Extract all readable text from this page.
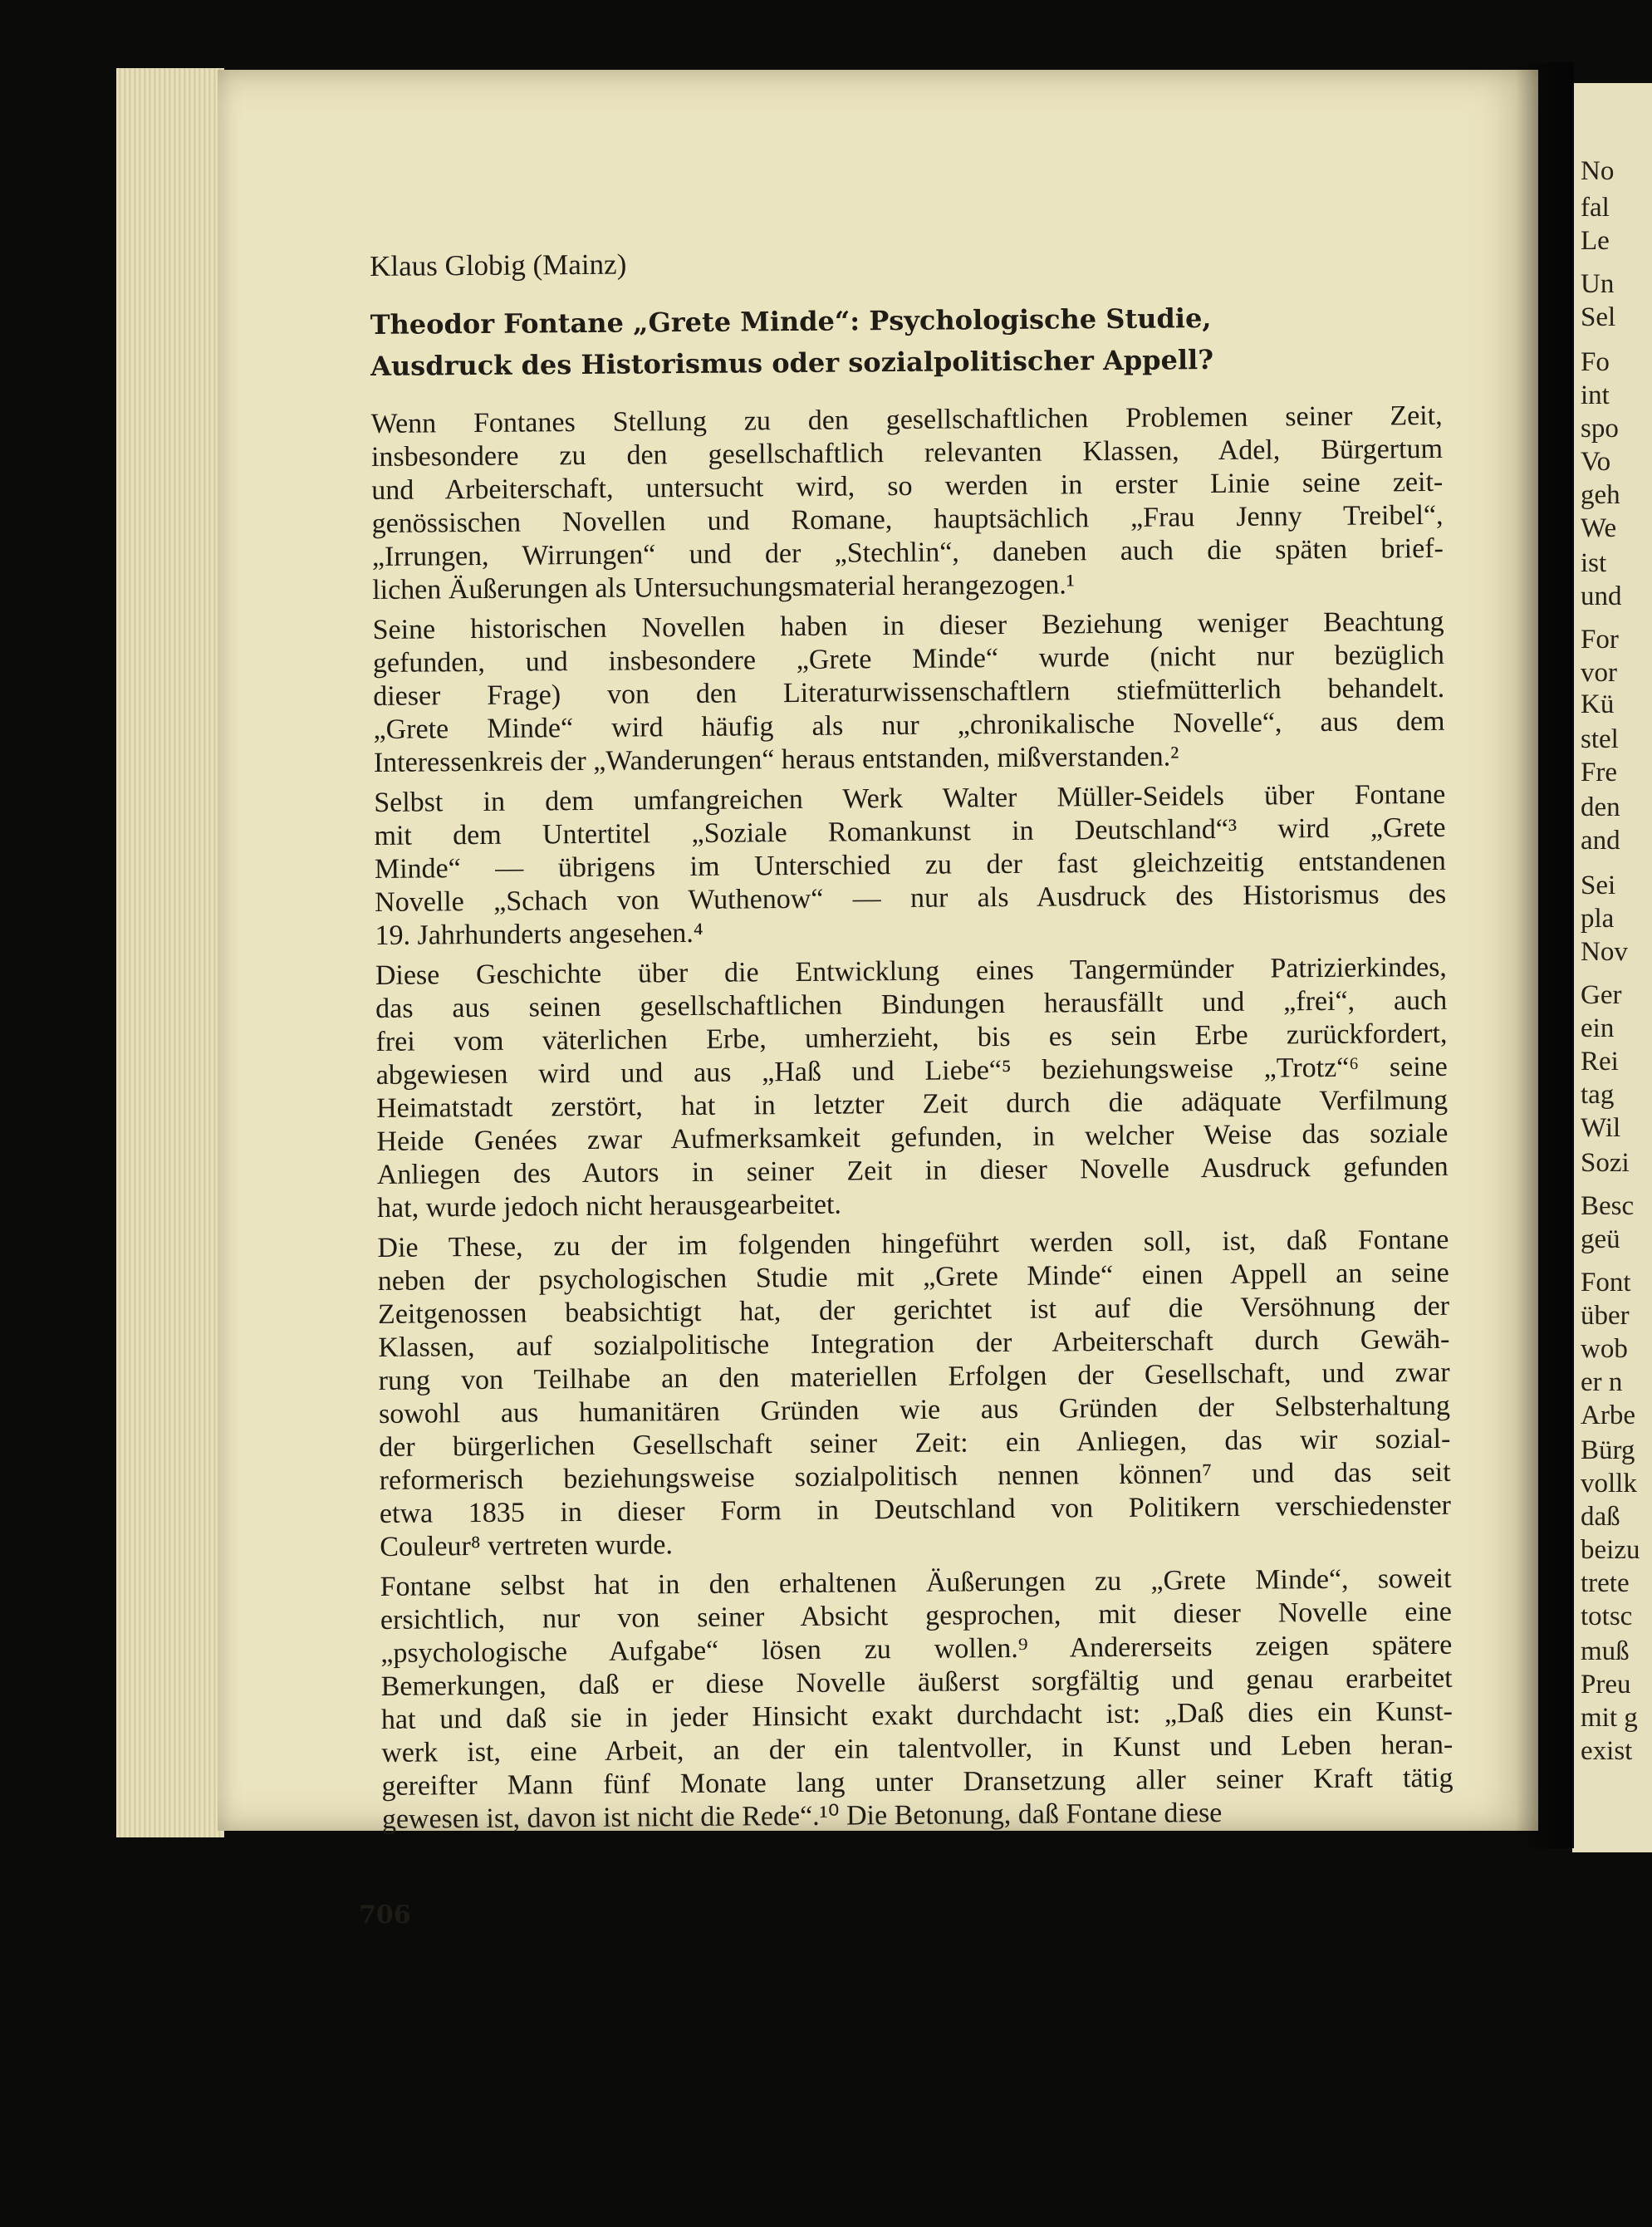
No
fal
Le
Un
Sel
Fo
int
spo
Vo
geh
We
ist
und
For
vor
Kü
stel
Fre
den
and
Sei
pla
Nov
Ger
ein
Rei
tag
Wil
Sozi
Besc
geü
Font
über
wob
er n
Arbe
Bürg
vollk
daß
beizu
trete
totsc
muß
Preu
mit g
exist
Klaus Globig (Mainz)
Theodor Fontane „Grete Minde“: Psychologische Studie,
Ausdruck des Historismus oder sozialpolitischer Appell?
Wenn Fontanes Stellung zu den gesellschaftlichen Problemen seiner Zeit,
insbesondere zu den gesellschaftlich relevanten Klassen, Adel, Bürgertum
und Arbeiterschaft, untersucht wird, so werden in erster Linie seine zeit-
genössischen Novellen und Romane, hauptsächlich „Frau Jenny Treibel“,
„Irrungen, Wirrungen“ und der „Stechlin“, daneben auch die späten brief-
lichen Äußerungen als Untersuchungsmaterial herangezogen.¹
Seine historischen Novellen haben in dieser Beziehung weniger Beachtung
gefunden, und insbesondere „Grete Minde“ wurde (nicht nur bezüglich
dieser Frage) von den Literaturwissenschaftlern stiefmütterlich behandelt.
„Grete Minde“ wird häufig als nur „chronikalische Novelle“, aus dem
Interessenkreis der „Wanderungen“ heraus entstanden, mißverstanden.²
Selbst in dem umfangreichen Werk Walter Müller-Seidels über Fontane
mit dem Untertitel „Soziale Romankunst in Deutschland“³ wird „Grete
Minde“ — übrigens im Unterschied zu der fast gleichzeitig entstandenen
Novelle „Schach von Wuthenow“ — nur als Ausdruck des Historismus des
19. Jahrhunderts angesehen.⁴
Diese Geschichte über die Entwicklung eines Tangermünder Patrizierkindes,
das aus seinen gesellschaftlichen Bindungen herausfällt und „frei“, auch
frei vom väterlichen Erbe, umherzieht, bis es sein Erbe zurückfordert,
abgewiesen wird und aus „Haß und Liebe“⁵ beziehungsweise „Trotz“⁶ seine
Heimatstadt zerstört, hat in letzter Zeit durch die adäquate Verfilmung
Heide Genées zwar Aufmerksamkeit gefunden, in welcher Weise das soziale
Anliegen des Autors in seiner Zeit in dieser Novelle Ausdruck gefunden
hat, wurde jedoch nicht herausgearbeitet.
Die These, zu der im folgenden hingeführt werden soll, ist, daß Fontane
neben der psychologischen Studie mit „Grete Minde“ einen Appell an seine
Zeitgenossen beabsichtigt hat, der gerichtet ist auf die Versöhnung der
Klassen, auf sozialpolitische Integration der Arbeiterschaft durch Gewäh-
rung von Teilhabe an den materiellen Erfolgen der Gesellschaft, und zwar
sowohl aus humanitären Gründen wie aus Gründen der Selbsterhaltung
der bürgerlichen Gesellschaft seiner Zeit: ein Anliegen, das wir sozial-
reformerisch beziehungsweise sozialpolitisch nennen können⁷ und das seit
etwa 1835 in dieser Form in Deutschland von Politikern verschiedenster
Couleur⁸ vertreten wurde.
Fontane selbst hat in den erhaltenen Äußerungen zu „Grete Minde“, soweit
ersichtlich, nur von seiner Absicht gesprochen, mit dieser Novelle eine
„psychologische Aufgabe“ lösen zu wollen.⁹ Andererseits zeigen spätere
Bemerkungen, daß er diese Novelle äußerst sorgfältig und genau erarbeitet
hat und daß sie in jeder Hinsicht exakt durchdacht ist: „Daß dies ein Kunst-
werk ist, eine Arbeit, an der ein talentvoller, in Kunst und Leben heran-
gereifter Mann fünf Monate lang unter Dransetzung aller seiner Kraft tätig
gewesen ist, davon ist nicht die Rede“.¹⁰ Die Betonung, daß Fontane diese
706
